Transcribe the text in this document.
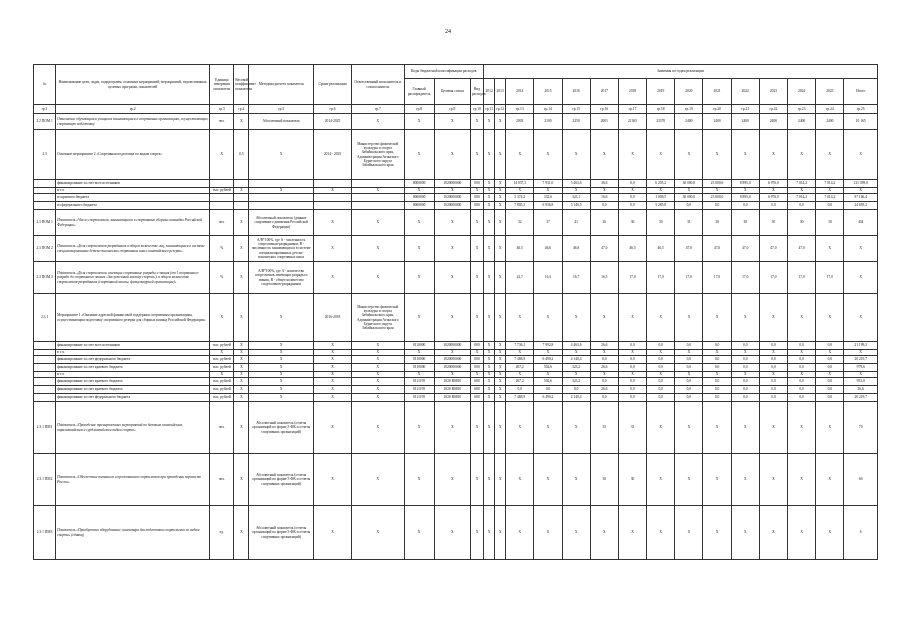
24
№	Наименование цели, задач, подпрограмм, основных мероприятий, мероприятий, ведомственных целевых программ, показателей	Единица измерения показателя	Весовой коэффициент показателя	Методика расчета показателя	Сроки реализации	Ответственный исполнитель и соисполнитель	Коды бюджетной классификации расходов			Значения по годам реализации														
							Главный распорядитель	Целевая статья	Вид расходов	2012	2013	2014	2015	2016	2017	2018	2019	2020	2021	2022	2023	2024	2025	Итого
гр.1	гр.2	гр.3	гр.4	гр.5	гр.6	гр.7	гр.8	гр.9	гр.10	гр.11	гр.12	гр.13	гр.14	гр.15	гр.16	гр.17	гр.18	гр.19	гр.20	гр.21	гр.22	гр.23	гр.24	гр.25
2.2 ПОМ 1	Отношение обучающихся учащихся занимающихся в спортивных организациях, осуществляющих спортивную подготовку	чел.	X	Абсолютный показатель	2014-2025	X	X	X	X	X	X	2003	2100	2250	2001	21365	23370	2400	2400	2400	2400	2400	2400	10 165
2.3	Основное мероприятие 2 «Спортивная подготовка по видам спорта»	X	0,5	X	2014 - 2025	Министерство физической культуры и спорта Забайкальского края, Администрация Агинского Бурятского округа Забайкальского края	X	X	X	X	X	X	X	X	X	X	X	X	X	X	X	X	X	X
	финансирование за счет всех источников						0000000	1020000000	000	X	X	14 037,3	7 931,0	5 463,6	36,6	0,0	6 295,2	30 000,0	23 000,0	8 895,0	6 976,0	7 014,2	7 014,2	121 399,0
	в т.ч.	тыс. рублей	X	X	X	X	X	X	X	X	X	X	X	X	X	X	X	X	X	X	X	X	X	X
	из краевого бюджета						0000000	1020000000	000	X	X	5 374,2	332,6	323,1	16,6	0,0	1 009,5	30 000,0	23 000,0	8 895,0	6 976,0	7 014,2	7 014,2	97 166,4
	из федерального бюджета						0000000	1020000000	000	X	X	7 805,3	6 936,8	5 140,5	0,0	0,0	5 285,8	0,0	0,0	0,0	0,0	0,0	0,0	24 695,2
2.3 ПОМ 1	Показатель «Число спортсменов, занимающихся в спортивных сборных командах Российской Федерации»	чел.	X	Абсолютный показатель (данные спортивного движения Российской Федерации)	X	X	X	X	X	X	X	32	37	41	26	36	30	31	30	30	30	30	30	404
2.3 ПОМ 2	Показатель «Доля спортсменов-разрядников в общем количестве лиц, занимающихся в системе специализированных детско-юношеских спортивных школ олимпийского резерва»	%	X	A/B*100%, где A - численность спортсменов-разрядников, B - численность занимающихся в системе специализированных детско-юношеских спортивных школ	X	X	X	X	X	X	X	46,5	46,6	46,8	47,0	46,5	46,5	47,0	47,0	47,0	47,0	47,0	X	X
2.3 ПОМ 3	Показатель «Доля спортсменов, имеющих спортивные разряды и звания (от I спортивного разряда до спортивного звания «Заслуженный мастер спорта»), в общем количестве спортсменов-разрядников (спортивной школы, физкультурной организации)»	%	X	A/B*100%, где A - количество спортсменов, имеющих разряды и звания, B - общее количество спортсменов-разрядников	X	X	X	X	X	X	X	22,7	16,3	16,7	16,5	17,0	17,0	17,0	17,0	17,0	17,0	17,0	17,0	X
2.3.1	Мероприятие 1 «Оказание адресной финансовой поддержки спортивным организациям, осуществляющим подготовку спортивного резерва для сборных команд Российской Федерации»	X	X	X	2016-2018	Министерство физической культуры и спорта Забайкальского края, Администрация Агинского Бурятского округа Забайкальского края	X	X	X	X	X	X	X	X	X	X	X	X	X	X	X	X	X	X
	финансирование за счет всех источников	тыс. рублей	X	X	X	X	0110000	1020000000	000	X	X	7 736,1	7 992,8	4 463,6	26,6	0,0	0,0	0,0	0,0	0,0	0,0	0,0	0,0	21 199,2
	в т.ч.	X	X	X	X	X	X	X	X	X	X	X	X	X	X	X	X	X	X	X	X	X	X	X
	финансирование за счет федерального бюджета	тыс. рублей	X	X	X	X	0110000	1020000000	000	X	X	7 468,9	6 490,2	4 140,4	0,0	0,0	0,0	0,0	0,0	0,0	0,0	0,0	0,0	20 219,7
	финансирование за счет краевого бюджета	тыс. рублей	X	X	X	X	0110000	1020000000	000	X	X	267,2	502,6	323,2	26,6	0,0	0,0	0,0	0,0	0,0	0,0	0,0	0,0	979,6
	в т.ч.	X	X	X	X	X	X	X	X	X	X	X	X	X	X	X	X	X	X	X	X	X	X	X
	финансирование за счет краевого бюджета	тыс. рублей	X	X	X	X	0111195	1020 R0810	600	X	X	267,2	502,6	323,2	0,0	0,0	0,0	0,0	0,0	0,0	0,0	0,0	0,0	953,0
	финансирование за счет краевого бюджета	тыс. рублей	X	X	X	X	0111195	1020 R0810	600	X	X	0,0	0,0	0,0	26,6	0,0	0,0	0,0	0,0	0,0	0,0	0,0	0,0	26,6
	финансирование за счет федерального бюджета	тыс. рублей	X	X	X	X	0111195	1020 R0810	600	X	X	7 468,9	6 490,2	4 140,4	0,0	0,0	0,0	0,0	0,0	0,0	0,0	0,0	0,0	20 219,7
2.3.1 ПМ1	Показатель «Проведение тренировочных мероприятий по базовым олимпийским, паралимпийским и сурдлимпийским видам спорта»	чел.	X	Абсолютный показатель (отчеты организаций по форме 5-ФК и отчеты спортивных организаций)	X	X	X	X	X	X	X	X	X	X	35	33	X	X	X	X	X	X	X	70
2.3.1 ПМ2	Показатель «Обеспечение питанием и проживанием спортсменов при проведении первенств России»	чел.	X	Абсолютный показатель (отчеты организаций по форме 5-ФК и отчеты спортивных организаций)	X	X	X	X	X	X	X	X	X	X	30	30	X	X	X	X	X	X	X	60
2.3.1 ПМ3	Показатель «Приобретено оборудование, инвентаря для подготовки спортсменов по видам спорта» (единиц)	ед.	X	Абсолютный показатель (отчеты организаций по форме 5-ФК и отчеты спортивных организаций)	X	X	X	X	X	X	X	X	X	X	X	X	X	X	X	X	X	X	X	6
